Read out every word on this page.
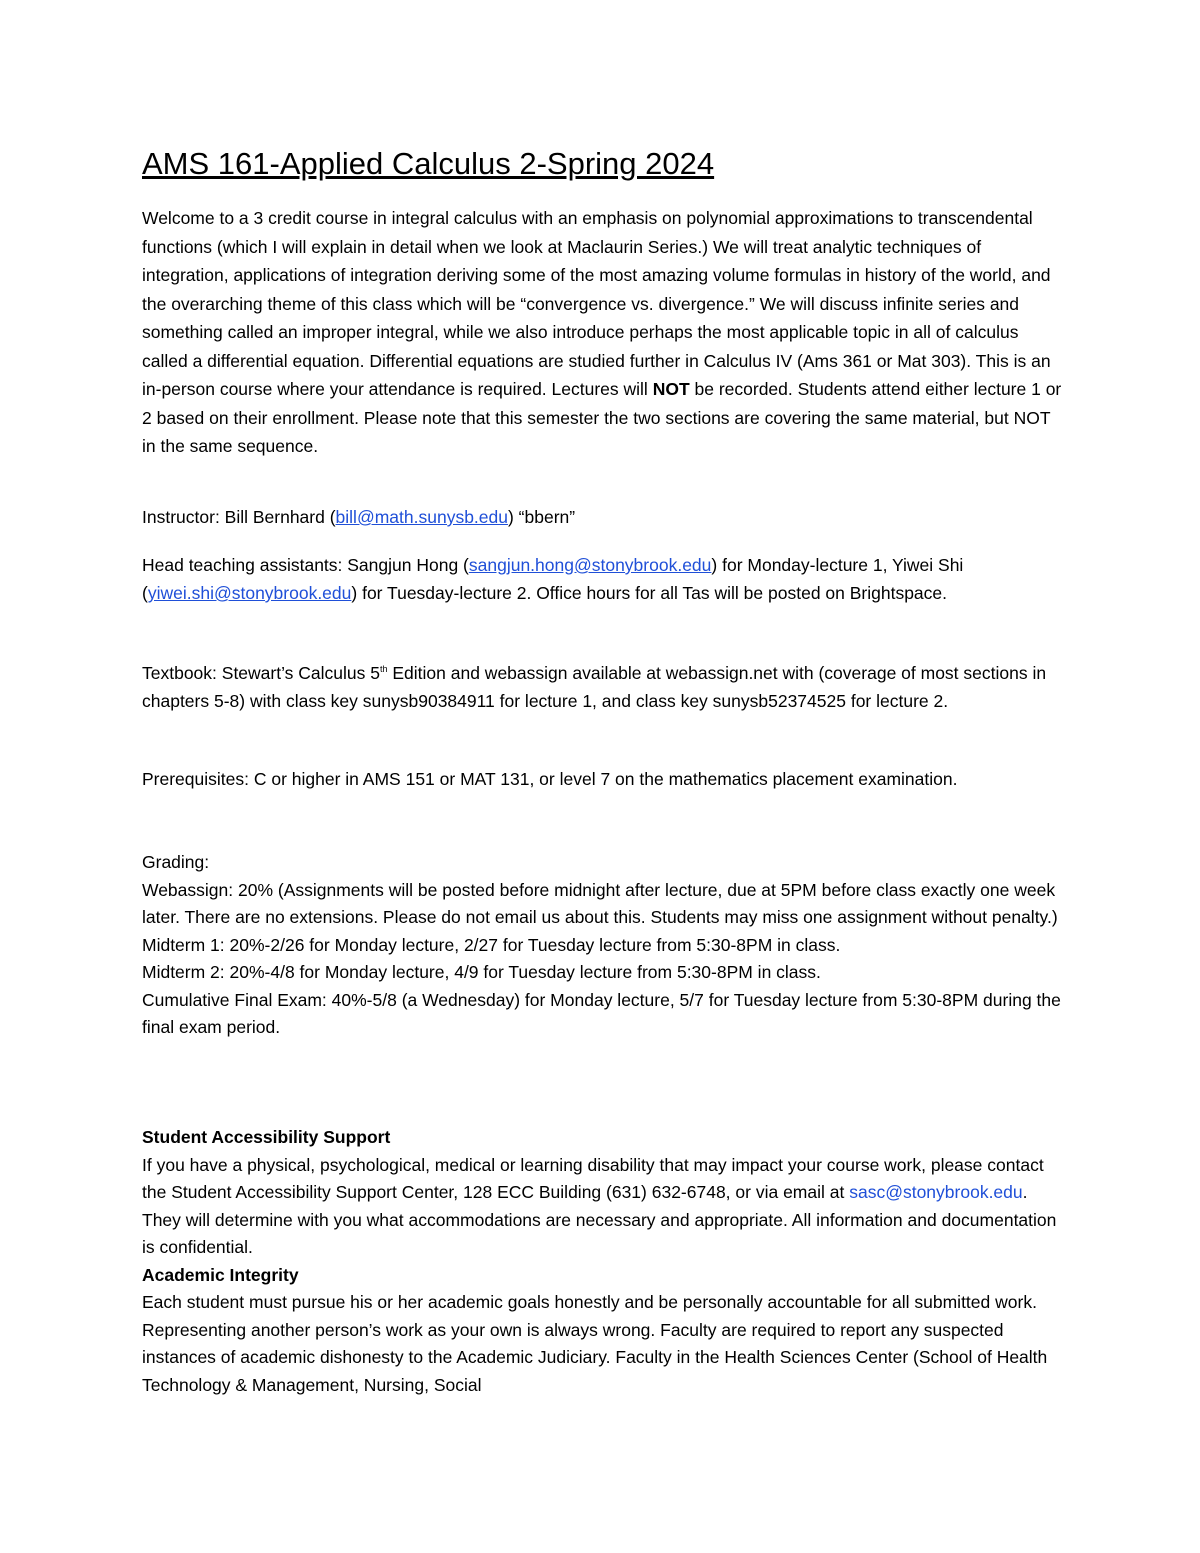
AMS 161-Applied Calculus 2-Spring 2024
Welcome to a 3 credit course in integral calculus with an emphasis on polynomial approximations to transcendental functions (which I will explain in detail when we look at Maclaurin Series.) We will treat analytic techniques of integration, applications of integration deriving some of the most amazing volume formulas in history of the world, and the overarching theme of this class which will be “convergence vs. divergence.” We will discuss infinite series and something called an improper integral, while we also introduce perhaps the most applicable topic in all of calculus called a differential equation. Differential equations are studied further in Calculus IV (Ams 361 or Mat 303). This is an in-person course where your attendance is required. Lectures will NOT be recorded. Students attend either lecture 1 or 2 based on their enrollment. Please note that this semester the two sections are covering the same material, but NOT in the same sequence.
Instructor: Bill Bernhard (bill@math.sunysb.edu) “bbern”
Head teaching assistants: Sangjun Hong (sangjun.hong@stonybrook.edu) for Monday-lecture 1, Yiwei Shi (yiwei.shi@stonybrook.edu) for Tuesday-lecture 2. Office hours for all Tas will be posted on Brightspace.
Textbook: Stewart’s Calculus 5th Edition and webassign available at webassign.net with (coverage of most sections in chapters 5-8) with class key sunysb90384911 for lecture 1, and class key sunysb52374525 for lecture 2.
Prerequisites: C or higher in AMS 151 or MAT 131, or level 7 on the mathematics placement examination.
Grading:
Webassign: 20% (Assignments will be posted before midnight after lecture, due at 5PM before class exactly one week later. There are no extensions. Please do not email us about this. Students may miss one assignment without penalty.)
Midterm 1: 20%-2/26 for Monday lecture, 2/27 for Tuesday lecture from 5:30-8PM in class.
Midterm 2: 20%-4/8 for Monday lecture, 4/9 for Tuesday lecture from 5:30-8PM in class.
Cumulative Final Exam: 40%-5/8 (a Wednesday) for Monday lecture, 5/7 for Tuesday lecture from 5:30-8PM during the final exam period.
Student Accessibility Support
If you have a physical, psychological, medical or learning disability that may impact your course work, please contact the Student Accessibility Support Center, 128 ECC Building (631) 632-6748, or via email at sasc@stonybrook.edu. They will determine with you what accommodations are necessary and appropriate. All information and documentation is confidential.
Academic Integrity
Each student must pursue his or her academic goals honestly and be personally accountable for all submitted work. Representing another person’s work as your own is always wrong. Faculty are required to report any suspected instances of academic dishonesty to the Academic Judiciary. Faculty in the Health Sciences Center (School of Health Technology & Management, Nursing, Social
